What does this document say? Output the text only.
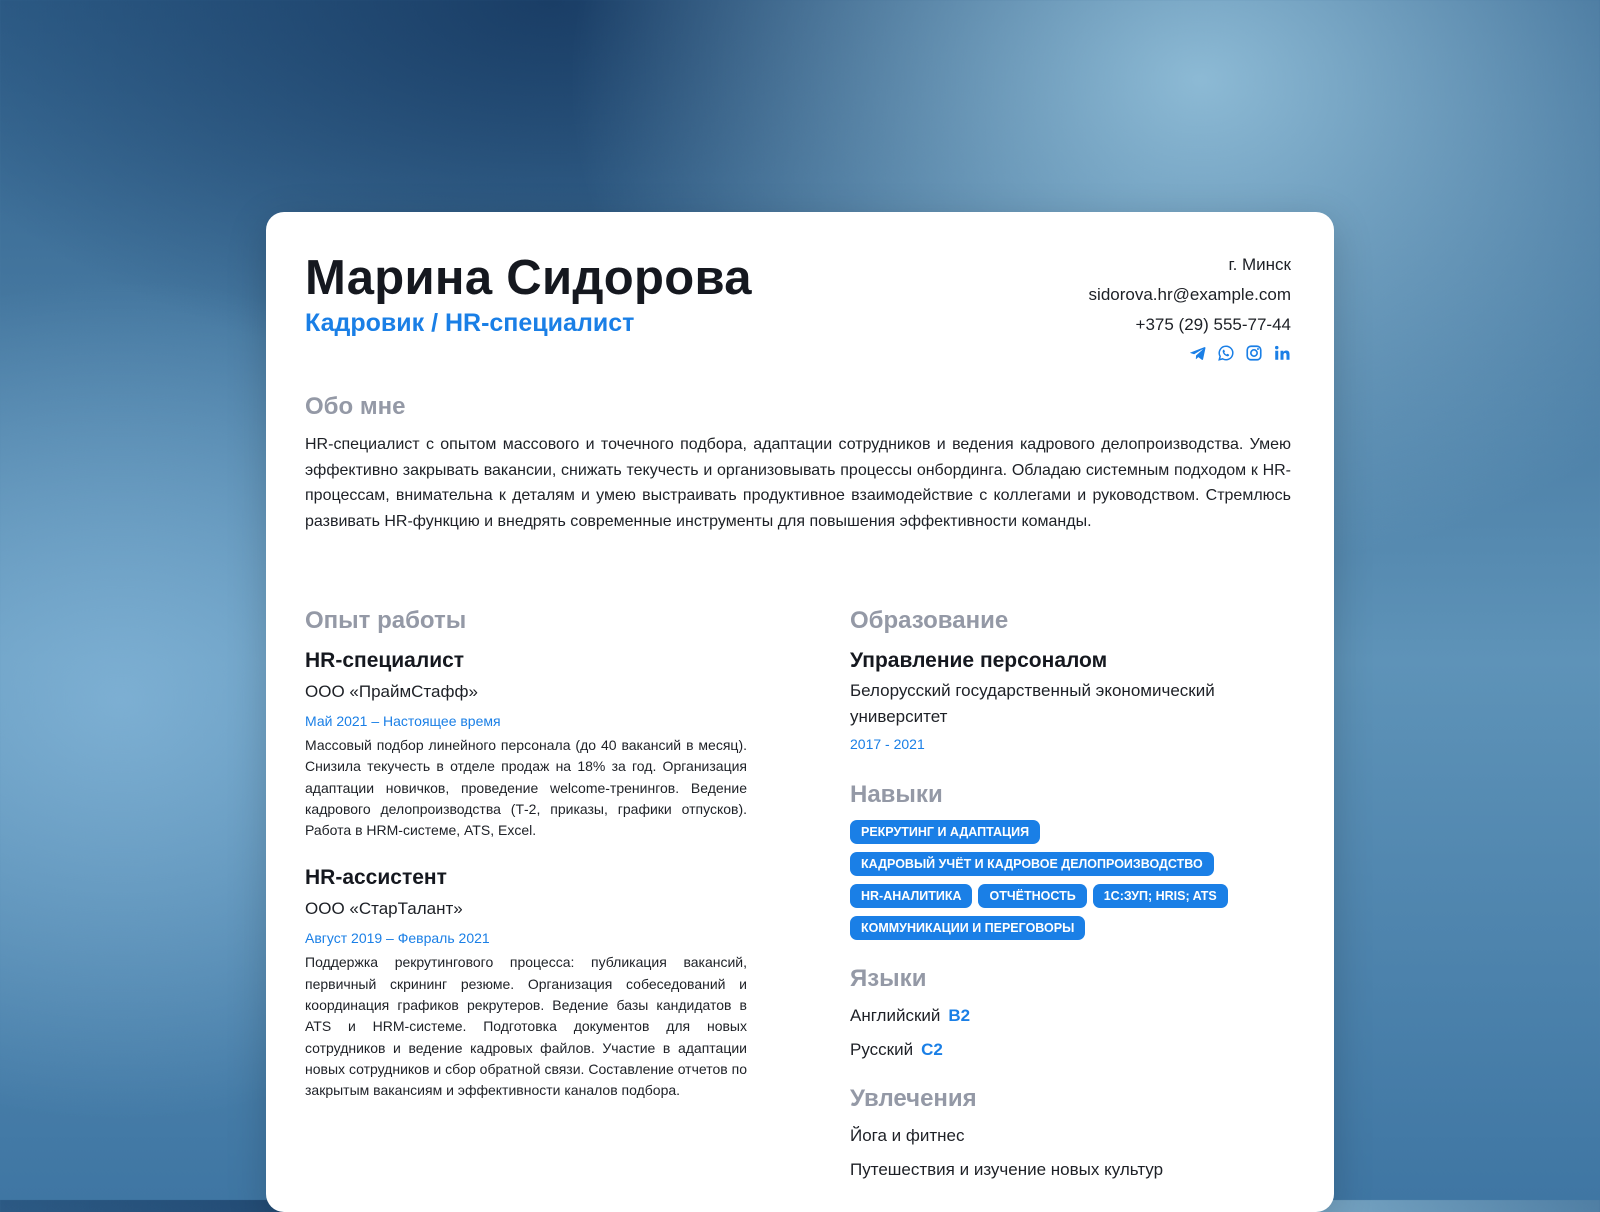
Марина Сидорова
Кадровик / HR-специалист
г. Минск
sidorova.hr@example.com
+375 (29) 555-77-44
Обо мне

HR-специалист с опытом массового и точечного подбора, адаптации сотрудников и ведения кадрового делопроизводства. Умею эффективно закрывать вакансии, снижать текучесть и организовывать процессы онбординга. Обладаю системным подходом к HR-процессам, внимательна к деталям и умею выстраивать продуктивное взаимодействие с коллегами и руководством. Стремлюсь развивать HR-функцию и внедрять современные инструменты для повышения эффективности команды.

Опыт работы
HR-специалист
ООО «ПраймСтафф»
Май 2021 – Настоящее время
Массовый подбор линейного персонала (до 40 вакансий в месяц). Снизила текучесть в отделе продаж на 18% за год. Организация адаптации новичков, проведение welcome-тренингов. Ведение кадрового делопроизводства (Т-2, приказы, графики отпусков). Работа в HRM-системе, ATS, Excel.
HR-ассистент
ООО «СтарТалант»
Август 2019 – Февраль 2021
Поддержка рекрутингового процесса: публикация вакансий, первичный скрининг резюме. Организация собеседований и координация графиков рекрутеров. Ведение базы кандидатов в ATS и HRM-системе. Подготовка документов для новых сотрудников и ведение кадровых файлов. Участие в адаптации новых сотрудников и сбор обратной связи. Составление отчетов по закрытым вакансиям и эффективности каналов подбора.
Образование
Управление персоналом
Белорусский государственный экономический университет
2017 - 2021
Навыки
РЕКРУТИНГ И АДАПТАЦИЯ
КАДРОВЫЙ УЧЁТ И КАДРОВОЕ ДЕЛОПРОИЗВОДСТВО
HR-АНАЛИТИКА	ОТЧЁТНОСТЬ	1С:ЗУП; HRIS; ATS
КОММУНИКАЦИИ И ПЕРЕГОВОРЫ
Языки
Английский B2
Русский C2
Увлечения
Йога и фитнес
Путешествия и изучение новых культур
